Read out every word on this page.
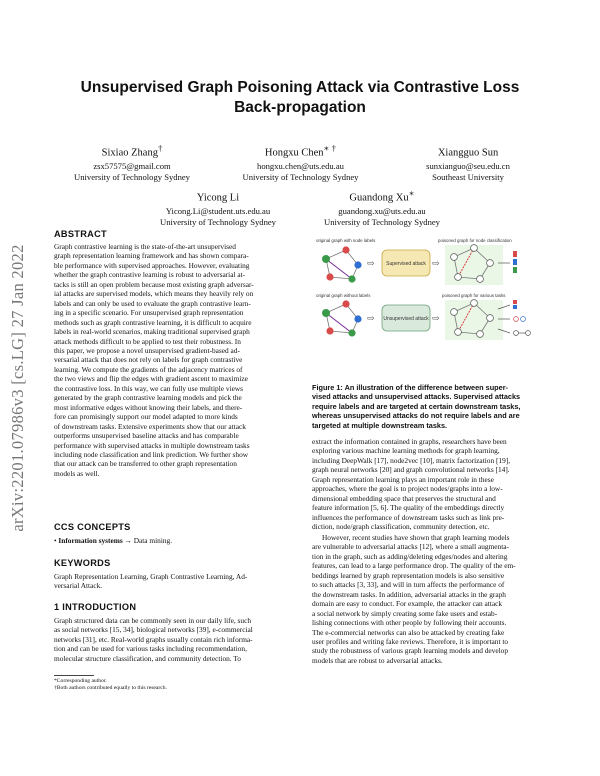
Unsupervised Graph Poisoning Attack via Contrastive Loss
Back-propagation
Sixiao Zhang†
zsx57575@gmail.com
University of Technology Sydney
Hongxu Chen∗ †
hongxu.chen@uts.edu.au
University of Technology Sydney
Xiangguo Sun
sunxianguo@seu.edu.cn
Southeast University
Yicong Li
Yicong.Li@student.uts.edu.au
University of Technology Sydney
Guandong Xu∗
guandong.xu@uts.edu.au
University of Technology Sydney
arXiv:2201.07986v3 [cs.LG] 27 Jan 2022
ABSTRACT
Graph contrastive learning is the state-of-the-art unsupervised
graph representation learning framework and has shown compara-
ble performance with supervised approaches. However, evaluating
whether the graph contrastive learning is robust to adversarial at-
tacks is still an open problem because most existing graph adversar-
ial attacks are supervised models, which means they heavily rely on
labels and can only be used to evaluate the graph contrastive learn-
ing in a specific scenario. For unsupervised graph representation
methods such as graph contrastive learning, it is difficult to acquire
labels in real-world scenarios, making traditional supervised graph
attack methods difficult to be applied to test their robustness. In
this paper, we propose a novel unsupervised gradient-based ad-
versarial attack that does not rely on labels for graph contrastive
learning. We compute the gradients of the adjacency matrices of
the two views and flip the edges with gradient ascent to maximize
the contrastive loss. In this way, we can fully use multiple views
generated by the graph contrastive learning models and pick the
most informative edges without knowing their labels, and there-
fore can promisingly support our model adapted to more kinds
of downstream tasks. Extensive experiments show that our attack
outperforms unsupervised baseline attacks and has comparable
performance with supervised attacks in multiple downstream tasks
including node classification and link prediction. We further show
that our attack can be transferred to other graph representation
models as well.
CCS CONCEPTS
• Information systems → Data mining.
KEYWORDS
Graph Representation Learning, Graph Contrastive Learning, Ad-
versarial Attack.
1 INTRODUCTION
Graph structured data can be commonly seen in our daily life, such
as social networks [15, 34], biological networks [39], e-commercial
networks [31], etc. Real-world graphs usually contain rich informa-
tion and can be used for various tasks including recommendation,
molecular structure classification, and community detection. To
*Corresponding author.
†Both authors contributed equally to this research.
original graph with node labels	poisoned graph for node classification
⇨ Supervised attack ⇨
original graph without labels	poisoned graph for various tasks
⇨ Unsupervised attack ⇨
Figure 1: An illustration of the difference between super-
vised attacks and unsupervised attacks. Supervised attacks
require labels and are targeted at certain downstream tasks,
whereas unsupervised attacks do not require labels and are
targeted at multiple downstream tasks.
extract the information contained in graphs, researchers have been
exploring various machine learning methods for graph learning,
including DeepWalk [17], node2vec [10], matrix factorization [19],
graph neural networks [20] and graph convolutional networks [14].
Graph representation learning plays an important role in these
approaches, where the goal is to project nodes/graphs into a low-
dimensional embedding space that preserves the structural and
feature information [5, 6]. The quality of the embeddings directly
influences the performance of downstream tasks such as link pre-
diction, node/graph classification, community detection, etc.
However, recent studies have shown that graph learning models
are vulnerable to adversarial attacks [12], where a small augmenta-
tion in the graph, such as adding/deleting edges/nodes and altering
features, can lead to a large performance drop. The quality of the em-
beddings learned by graph representation models is also sensitive
to such attacks [3, 33], and will in turn affects the performance of
the downstream tasks. In addition, adversarial attacks in the graph
domain are easy to conduct. For example, the attacker can attack
a social network by simply creating some fake users and estab-
lishing connections with other people by following their accounts.
The e-commercial networks can also be attacked by creating fake
user profiles and writing fake reviews. Therefore, it is important to
study the robustness of various graph learning models and develop
models that are robust to adversarial attacks.
